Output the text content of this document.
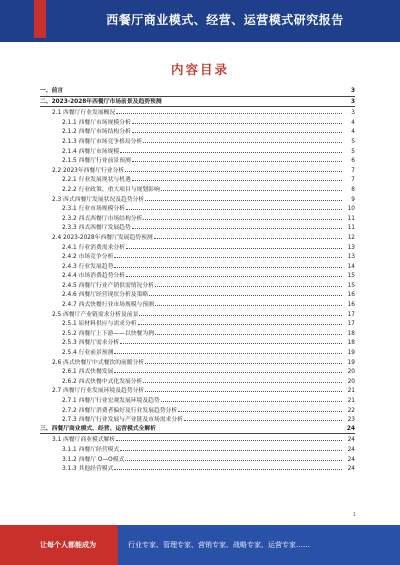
西餐厅商业模式、经营、运营模式研究报告
内容目录
一、前言	3
二、2023-2028年西餐厅市场前景及趋势预测	3
2.1 西餐厅行业发展概况	3
2.1.1 西餐厅市场规模分析	4
2.1.2 西餐厅市场结构分析	4
2.1.3 西餐厅市场竞争格局分析	5
2.1.4 西餐厅市场规模	5
2.1.5 西餐厅行业前景预测	6
2.2 2023年西餐厅行业分析	7
2.2.1 行业发展现状与机遇	7
2.2.2 行业政策、重大项目与规划影响	8
2.3 西式西餐厅发展状况及趋势分析	9
2.3.1 行业市场规模分析	10
2.3.2 西式西餐厅市场结构分析	11
2.3.3 西式西餐厅发展趋势	11
2.4 2023-2028年西餐厅发展趋势预测	12
2.4.1 行业消费需求分析	13
2.4.2 市场竞争分析	13
2.4.3 行业发展趋势	14
2.4.4 市场消费趋势分析	15
2.4.5 西餐厅行业产销供需情况分析	15
2.4.6 西餐厅经营现状分析及策略	16
2.4.7 西式快餐行业市场规模与预测	16
2.5 西餐厅产业链需求分析及前景	17
2.5.1 原材料供应与需求分析	17
2.5.2 西餐厅上下游——以快餐为例	18
2.5.3 西餐厅需求分析	18
2.5.4 行业前景预测	19
2.6 西式快餐厅中式餐饮的前瞻分析	19
2.6.1 西式快餐发展	20
2.6.2 西式快餐中式化发展分析	20
2.7 西餐厅行业发展环境及趋势分析	21
2.7.1 西餐厅行业宏观发展环境及趋势	21
2.7.2 西餐厅消费者偏好及行业发展趋势分析	22
2.7.3 西餐厅行业发展与产业链及市场需求分析	23
三、西餐厅商业模式、经营、运营模式全解析	24
3.1 西餐厅商业模式解析	24
3.1.1 西餐厅经营模式	24
3.1.2 西餐厅 O—O模式	24
3.1.3 其他经营模式	24
1
让每个人都能成为	行业专家、管理专家、营销专家、战略专家、运营专家……
